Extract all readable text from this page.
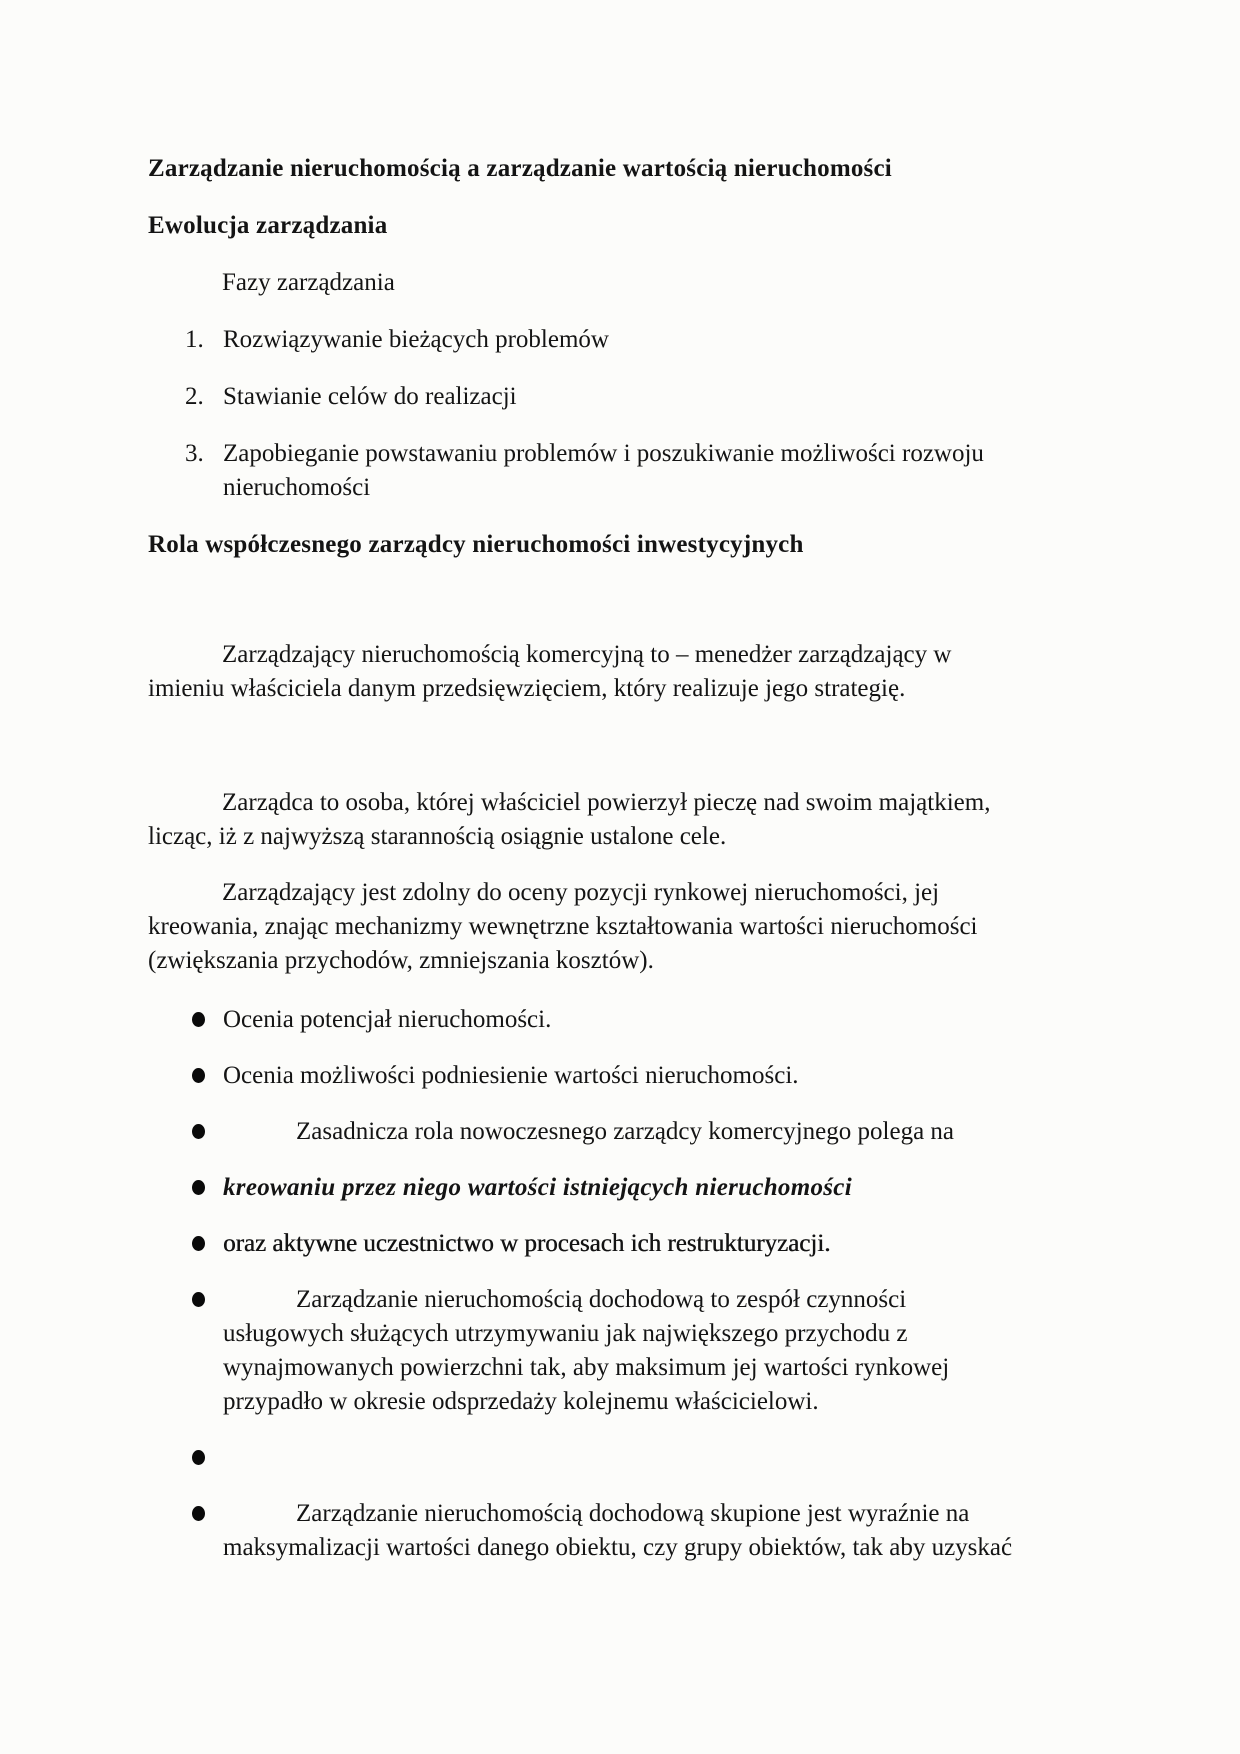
Zarządzanie nieruchomością a zarządzanie wartością nieruchomości
Ewolucja zarządzania

Fazy zarządzania

1. Rozwiązywanie bieżących problemów
2. Stawianie celów do realizacji
3. Zapobieganie powstawaniu problemów i poszukiwanie możliwości rozwoju
nieruchomości
Rola współczesnego zarządcy nieruchomości inwestycyjnych

Zarządzający nieruchomością komercyjną to – menedżer zarządzający w
imieniu właściciela danym przedsięwzięciem, który realizuje jego strategię.

Zarządca to osoba, której właściciel powierzył pieczę nad swoim majątkiem,
licząc, iż z najwyższą starannością osiągnie ustalone cele.

Zarządzający jest zdolny do oceny pozycji rynkowej nieruchomości, jej
kreowania, znając mechanizmy wewnętrzne kształtowania wartości nieruchomości
(zwiększania przychodów, zmniejszania kosztów).

Ocenia potencjał nieruchomości.
Ocenia możliwości podniesienie wartości nieruchomości.
Zasadnicza rola nowoczesnego zarządcy komercyjnego polega na
kreowaniu przez niego wartości istniejących nieruchomości
oraz aktywne uczestnictwo w procesach ich restrukturyzacji.
Zarządzanie nieruchomością dochodową to zespół czynności
usługowych służących utrzymywaniu jak największego przychodu z
wynajmowanych powierzchni tak, aby maksimum jej wartości rynkowej
przypadło w okresie odsprzedaży kolejnemu właścicielowi.
Zarządzanie nieruchomością dochodową skupione jest wyraźnie na
maksymalizacji wartości danego obiektu, czy grupy obiektów, tak aby uzyskać
